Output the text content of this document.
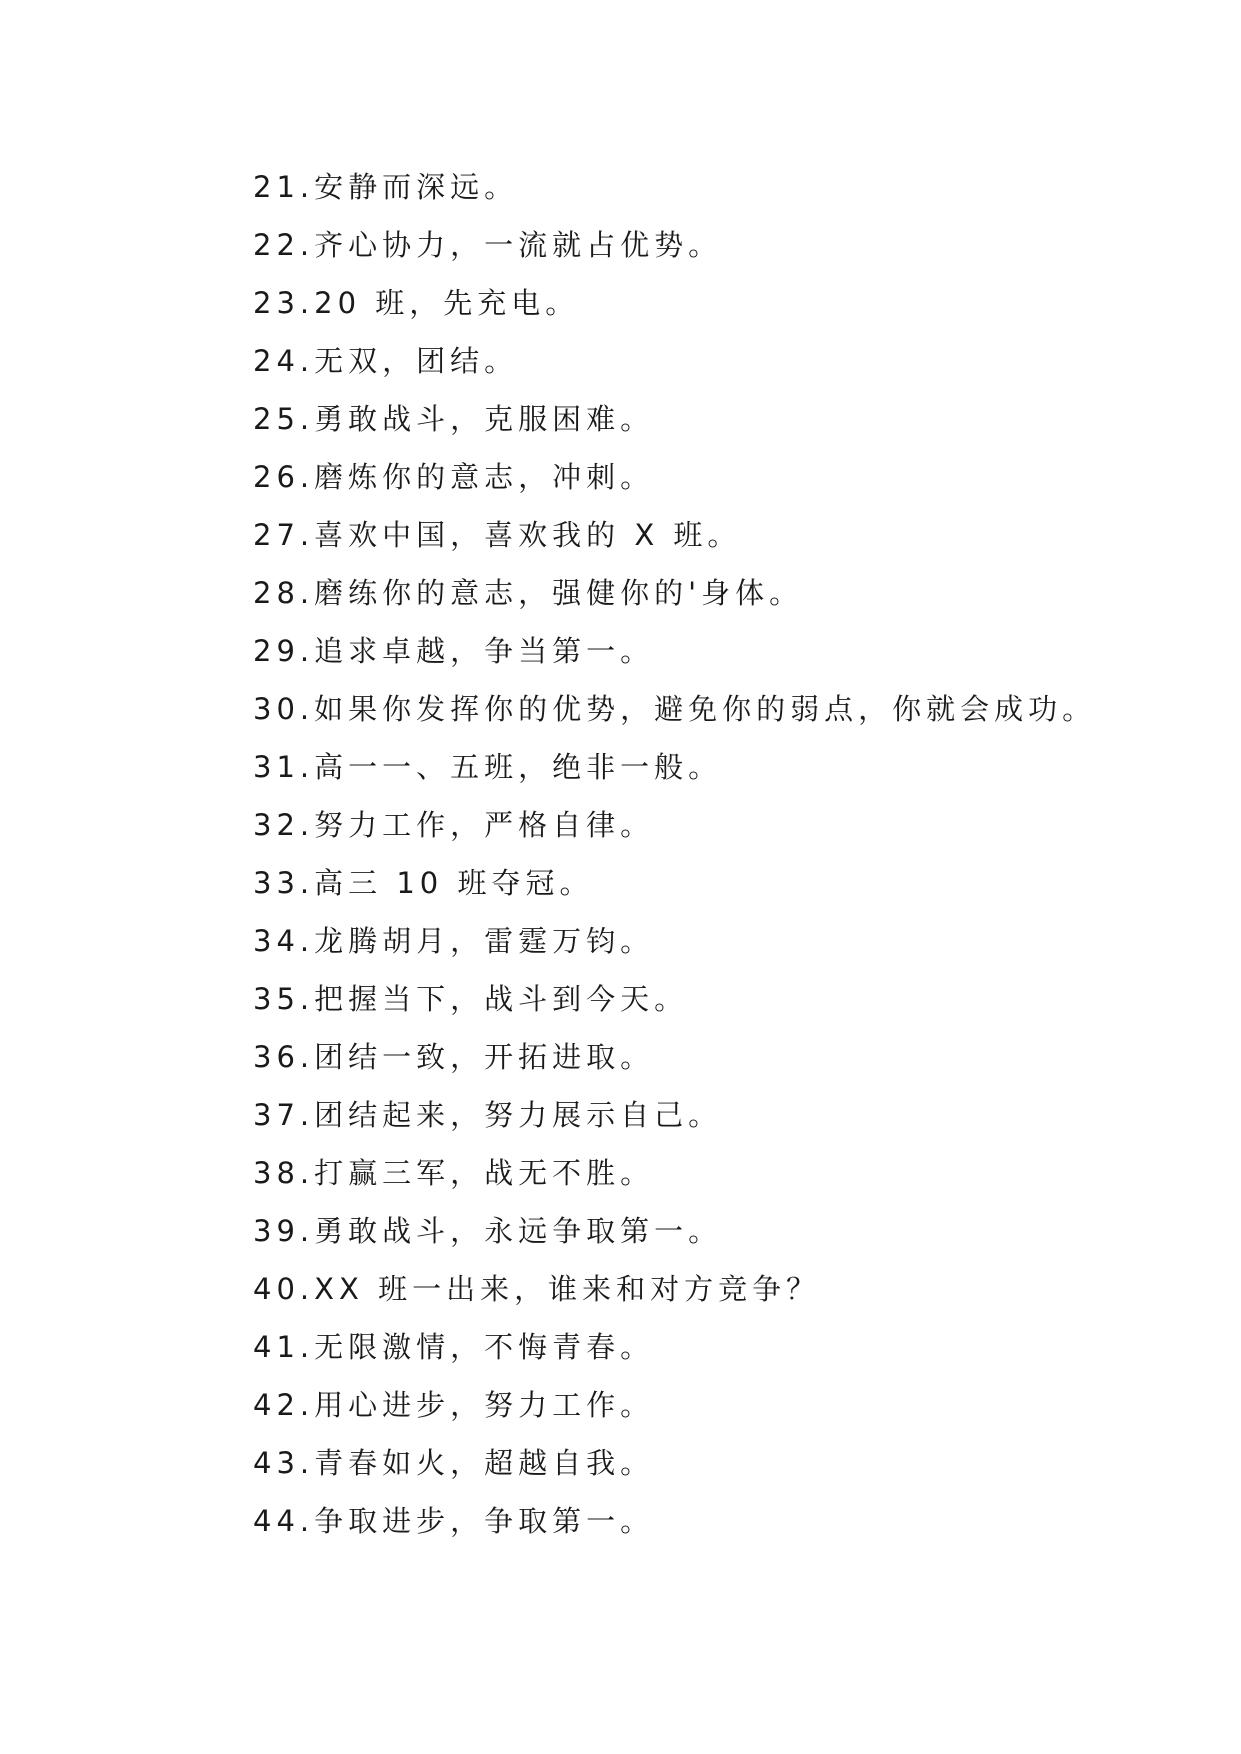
21.安静而深远。
22.齐心协力，一流就占优势。
23.20 班，先充电。
24.无双，团结。
25.勇敢战斗，克服困难。
26.磨炼你的意志，冲刺。
27.喜欢中国，喜欢我的 X 班。
28.磨练你的意志，强健你的'身体。
29.追求卓越，争当第一。
30.如果你发挥你的优势，避免你的弱点，你就会成功。
31.高一一、五班，绝非一般。
32.努力工作，严格自律。
33.高三 10 班夺冠。
34.龙腾胡月，雷霆万钧。
35.把握当下，战斗到今天。
36.团结一致，开拓进取。
37.团结起来，努力展示自己。
38.打赢三军，战无不胜。
39.勇敢战斗，永远争取第一。
40.XX 班一出来，谁来和对方竞争？
41.无限激情，不悔青春。
42.用心进步，努力工作。
43.青春如火，超越自我。
44.争取进步，争取第一。
